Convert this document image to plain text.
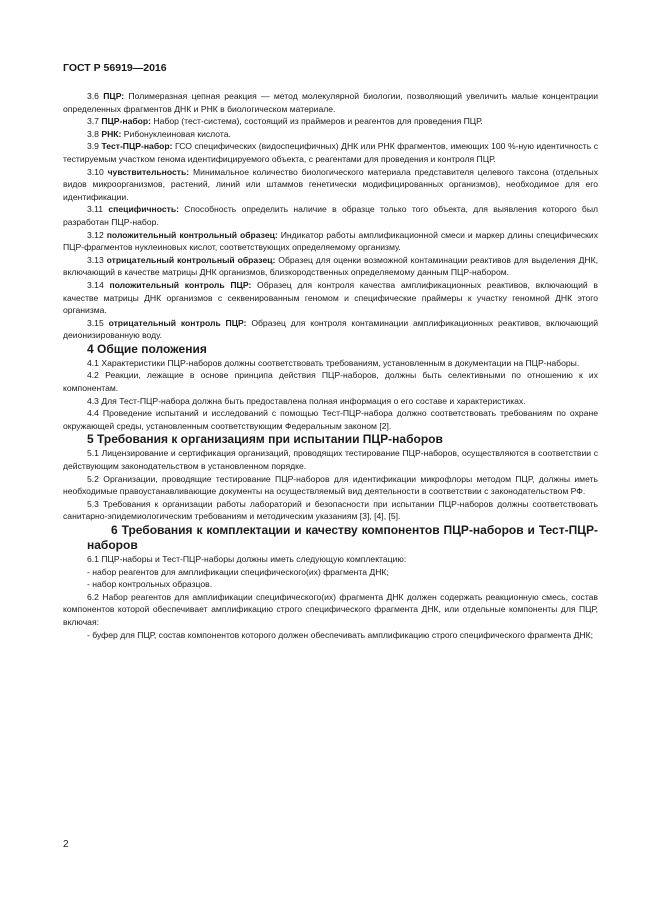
ГОСТ Р 56919—2016

3.6 ПЦР: Полимеразная цепная реакция — метод молекулярной биологии, позволяющий увеличить малые концентрации определенных фрагментов ДНК и РНК в биологическом материале.

3.7 ПЦР-набор: Набор (тест-система), состоящий из праймеров и реагентов для проведения ПЦР.

3.8 РНК: Рибонуклеиновая кислота.

3.9 Тест-ПЦР-набор: ГСО специфических (видоспецифичных) ДНК или РНК фрагментов, имеющих 100 %-ную идентичность с тестируемым участком генома идентифицируемого объекта, с реагентами для проведения и контроля ПЦР.

3.10 чувствительность: Минимальное количество биологического материала представителя целевого таксона (отдельных видов микроорганизмов, растений, линий или штаммов генетически модифицированных организмов), необходимое для его идентификации.

3.11 специфичность: Способность определить наличие в образце только того объекта, для выявления которого был разработан ПЦР-набор.

3.12 положительный контрольный образец: Индикатор работы амплификационной смеси и маркер длины специфических ПЦР-фрагментов нуклеиновых кислот, соответствующих определяемому организму.

3.13 отрицательный контрольный образец: Образец для оценки возможной контаминации реактивов для выделения ДНК, включающий в качестве матрицы ДНК организмов, близкородственных определяемому данным ПЦР-набором.

3.14 положительный контроль ПЦР: Образец для контроля качества амплификационных реактивов, включающий в качестве матрицы ДНК организмов с секвенированным геномом и специфические праймеры к участку геномной ДНК этого организма.

3.15 отрицательный контроль ПЦР: Образец для контроля контаминации амплификационных реактивов, включающий деионизированную воду.

4 Общие положения

4.1 Характеристики ПЦР-наборов должны соответствовать требованиям, установленным в документации на ПЦР-наборы.

4.2 Реакции, лежащие в основе принципа действия ПЦР-наборов, должны быть селективными по отношению к их компонентам.

4.3 Для Тест-ПЦР-набора должна быть предоставлена полная информация о его составе и характеристиках.

4.4 Проведение испытаний и исследований с помощью Тест-ПЦР-набора должно соответствовать требованиям по охране окружающей среды, установленным соответствующим Федеральным законом [2].

5 Требования к организациям при испытании ПЦР-наборов

5.1 Лицензирование и сертификация организаций, проводящих тестирование ПЦР-наборов, осуществляются в соответствии с действующим законодательством в установленном порядке.

5.2 Организации, проводящие тестирование ПЦР-наборов для идентификации микрофлоры методом ПЦР, должны иметь необходимые правоустанавливающие документы на осуществляемый вид деятельности в соответствии с законодательством РФ.

5.3 Требования к организации работы лабораторий и безопасности при испытании ПЦР-наборов должны соответствовать санитарно-эпидемиологическим требованиям и методическим указаниям [3], [4], [5].

6 Требования к комплектации и качеству компонентов ПЦР-наборов и Тест-ПЦР-наборов

6.1 ПЦР-наборы и Тест-ПЦР-наборы должны иметь следующую комплектацию:

- набор реагентов для амплификации специфического(их) фрагмента ДНК;

- набор контрольных образцов.

6.2 Набор реагентов для амплификации специфического(их) фрагмента ДНК должен содержать реакционную смесь, состав компонентов которой обеспечивает амплификацию строго специфического фрагмента ДНК, или отдельные компоненты для ПЦР, включая:

- буфер для ПЦР, состав компонентов которого должен обеспечивать амплификацию строго специфического фрагмента ДНК;

2
